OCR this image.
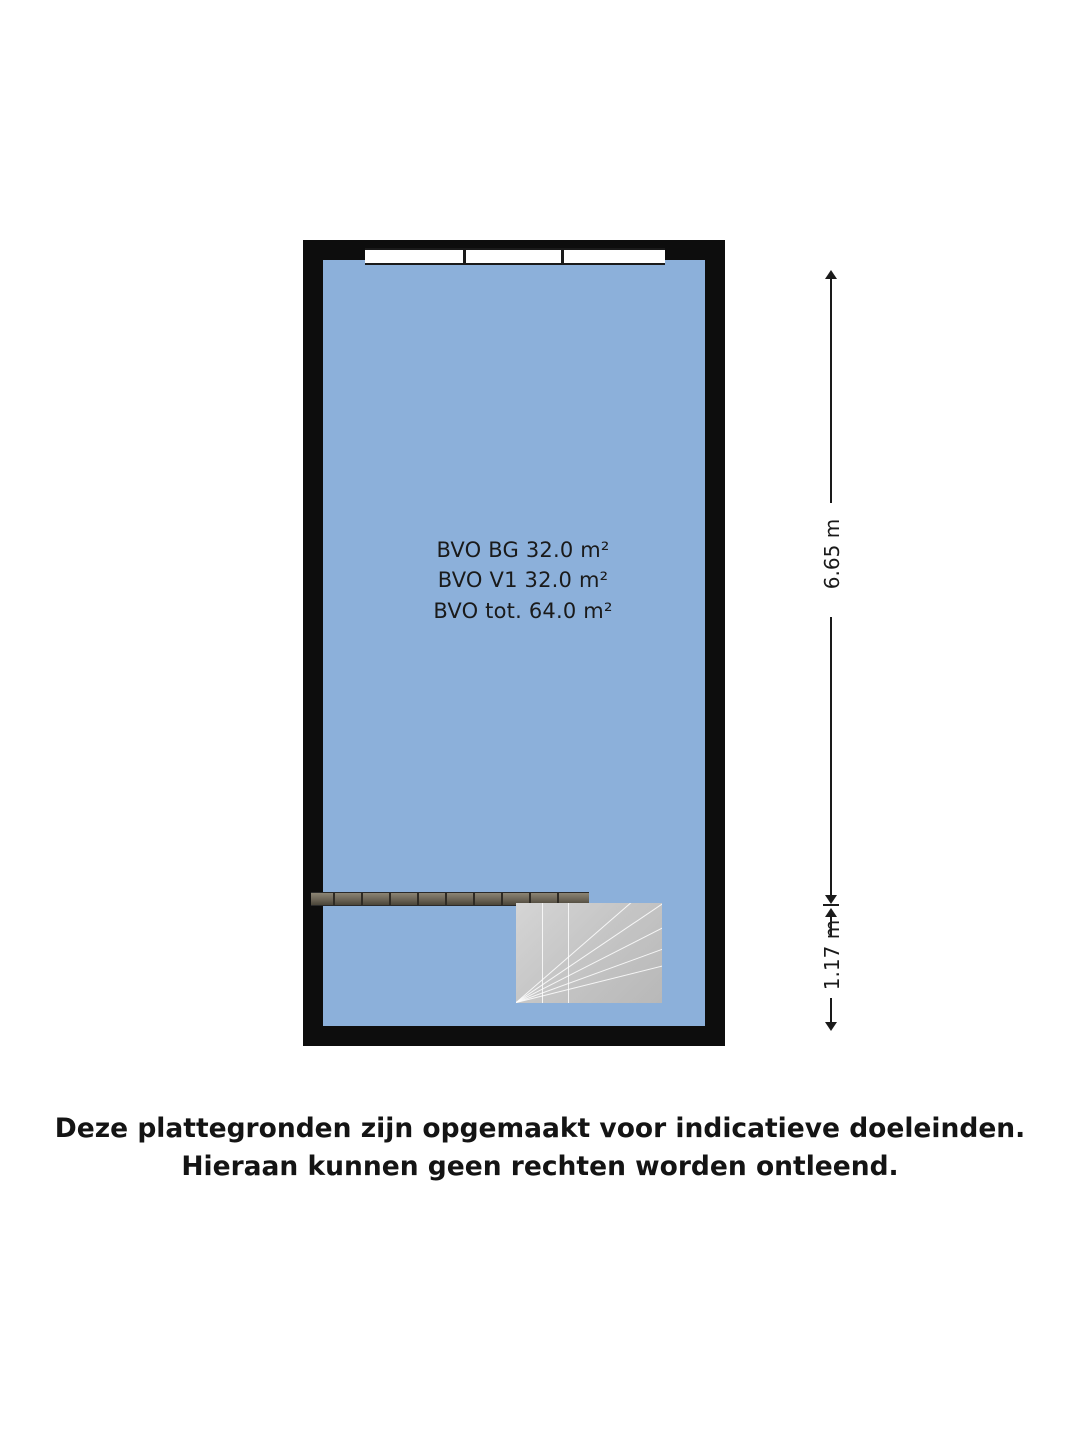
BVO BG 32.0 m²
BVO V1 32.0 m²
BVO tot. 64.0 m²
6.65 m
1.17 m
Deze plattegronden zijn opgemaakt voor indicatieve doeleinden.
Hieraan kunnen geen rechten worden ontleend.
